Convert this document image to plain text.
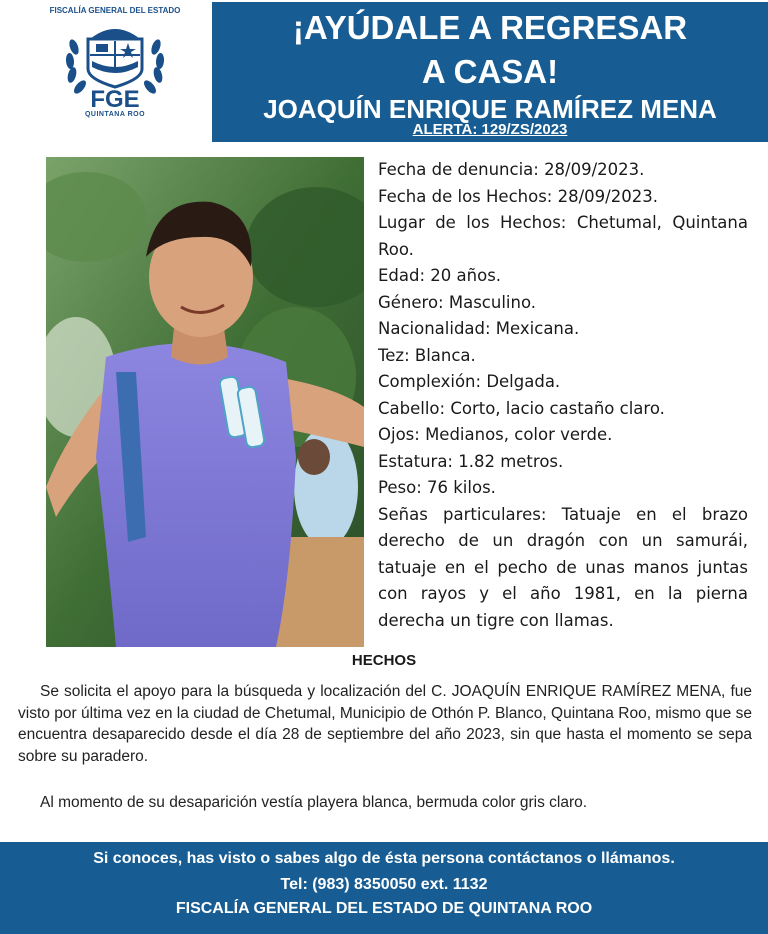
FISCALÍA GENERAL DEL ESTADO
FGE
QUINTANA ROO
¡AYÚDALE A REGRESAR
A CASA!
JOAQUÍN ENRIQUE RAMÍREZ MENA
ALERTA: 129/ZS/2023
Fecha de denuncia: 28/09/2023.
Fecha de los Hechos: 28/09/2023.
Lugar de los Hechos: Chetumal, Quintana Roo.
Edad: 20 años.
Género: Masculino.
Nacionalidad: Mexicana.
Tez: Blanca.
Complexión: Delgada.
Cabello: Corto, lacio castaño claro.
Ojos: Medianos, color verde.
Estatura: 1.82 metros.
Peso: 76 kilos.
Señas particulares: Tatuaje en el brazo derecho de un dragón con un samurái, tatuaje en el pecho de unas manos juntas con rayos y el año 1981, en la pierna derecha un tigre con llamas.
HECHOS

Se solicita el apoyo para la búsqueda y localización del C. JOAQUÍN ENRIQUE RAMÍREZ MENA, fue visto por última vez en la ciudad de Chetumal, Municipio de Othón P. Blanco, Quintana Roo, mismo que se encuentra desaparecido desde el día 28 de septiembre del año 2023, sin que hasta el momento se sepa sobre su paradero.

Al momento de su desaparición vestía playera blanca, bermuda color gris claro.

Si conoces, has visto o sabes algo de ésta persona contáctanos o llámanos.
Tel: (983) 8350050 ext. 1132
FISCALÍA GENERAL DEL ESTADO DE QUINTANA ROO
